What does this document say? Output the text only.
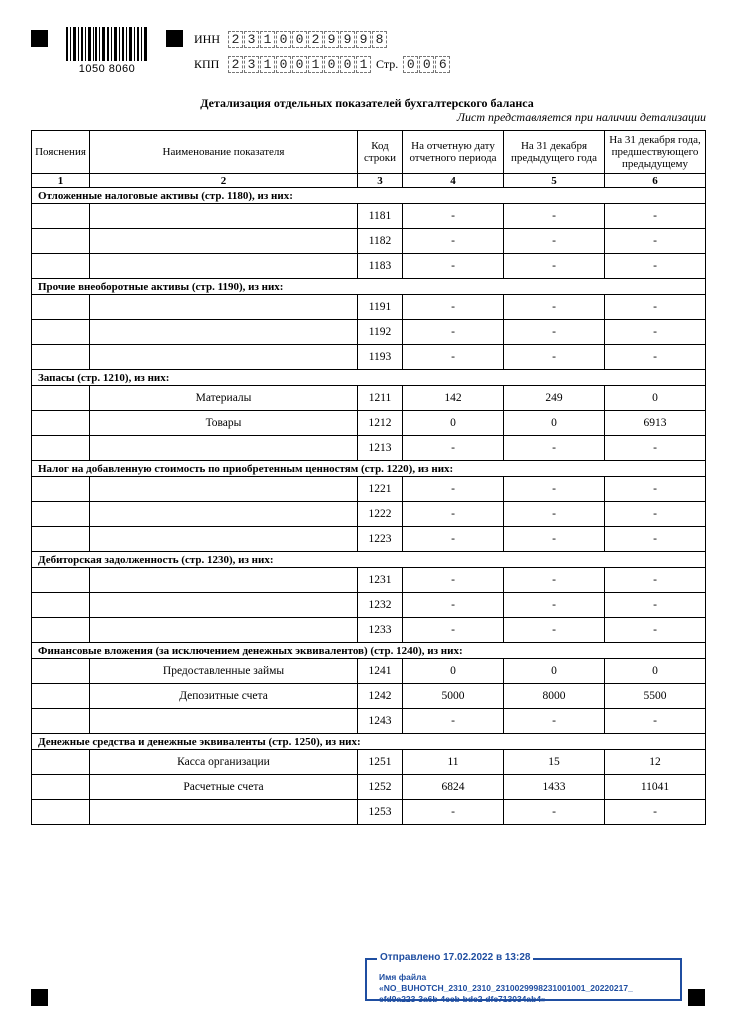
1050 8060
ИНН 2 3 1 0 0 2 9 9 9 8
КПП 2 3 1 0 0 1 0 0 1 Стр. 0 0 6
Детализация отдельных показателей бухгалтерского баланса
Лист представляется при наличии детализации
Пояснения	Наименование показателя	Код строки	На отчетную дату отчетного периода	На 31 декабря предыдущего года	На 31 декабря года, предшествующего предыдущему
1	2	3	4	5	6
Отложенные налоговые активы (стр. 1180), из них:					
		1181	-	-	-
		1182	-	-	-
		1183	-	-	-
Прочие внеоборотные активы (стр. 1190), из них:					
		1191	-	-	-
		1192	-	-	-
		1193	-	-	-
Запасы (стр. 1210), из них:					
	Материалы	1211	142	249	0
	Товары	1212	0	0	6913
		1213	-	-	-
Налог на добавленную стоимость по приобретенным ценностям (стр. 1220), из них:					
		1221	-	-	-
		1222	-	-	-
		1223	-	-	-
Дебиторская задолженность (стр. 1230), из них:					
		1231	-	-	-
		1232	-	-	-
		1233	-	-	-
Финансовые вложения (за исключением денежных эквивалентов) (стр. 1240), из них:					
	Предоставленные займы	1241	0	0	0
	Депозитные счета	1242	5000	8000	5500
		1243	-	-	-
Денежные средства и денежные эквиваленты (стр. 1250), из них:					
	Касса организации	1251	11	15	12
	Расчетные счета	1252	6824	1433	11041
		1253	-	-	-
Отправлено 17.02.2022 в 13:28
Имя файла «NO_BUHOTCH_2310_2310_2310029998231001001_20220217_
efd9a223-3a6b-4ccb-bdc2-dfc713034ab4»
